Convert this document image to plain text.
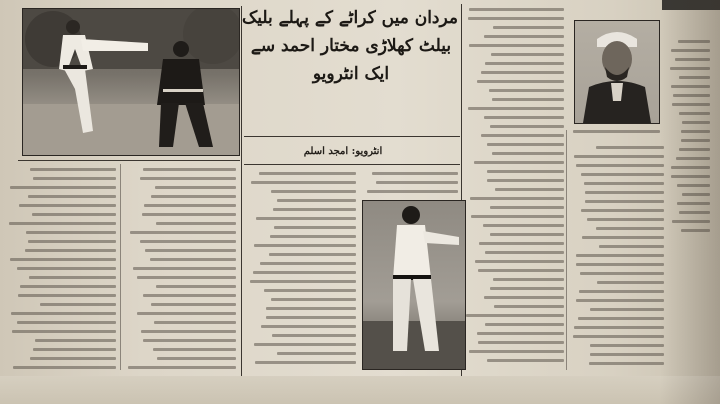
مردان میں کراٹے کے پہلے بلیک
بیلٹ کھلاڑی مختار احمد سے
ایک انٹرویو
انٹرویو: امجد اسلم
